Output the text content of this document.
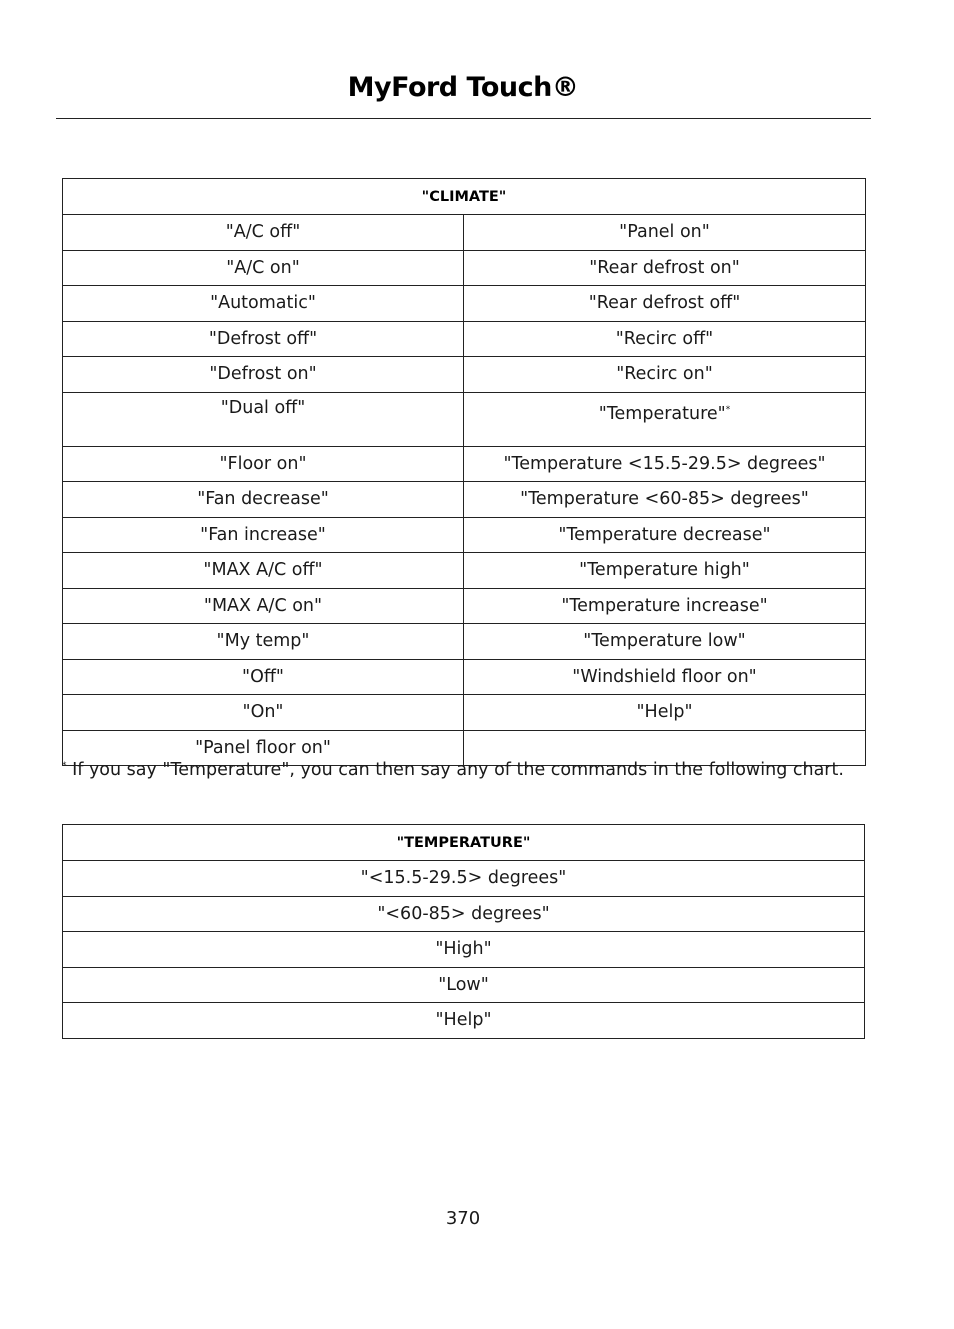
MyFord Touch®
"CLIMATE"	
"A/C off"	"Panel on"
"A/C on"	"Rear defrost on"
"Automatic"	"Rear defrost off"
"Defrost off"	"Recirc off"
"Defrost on"	"Recirc on"
"Dual off"	"Temperature"*
"Floor on"	"Temperature <15.5-29.5> degrees"
"Fan decrease"	"Temperature <60-85> degrees"
"Fan increase"	"Temperature decrease"
"MAX A/C off"	"Temperature high"
"MAX A/C on"	"Temperature increase"
"My temp"	"Temperature low"
"Off"	"Windshield floor on"
"On"	"Help"
"Panel floor on"	
* If you say "Temperature", you can then say any of the commands in the following chart.
"TEMPERATURE"
"<15.5-29.5> degrees"
"<60-85> degrees"
"High"
"Low"
"Help"
370
